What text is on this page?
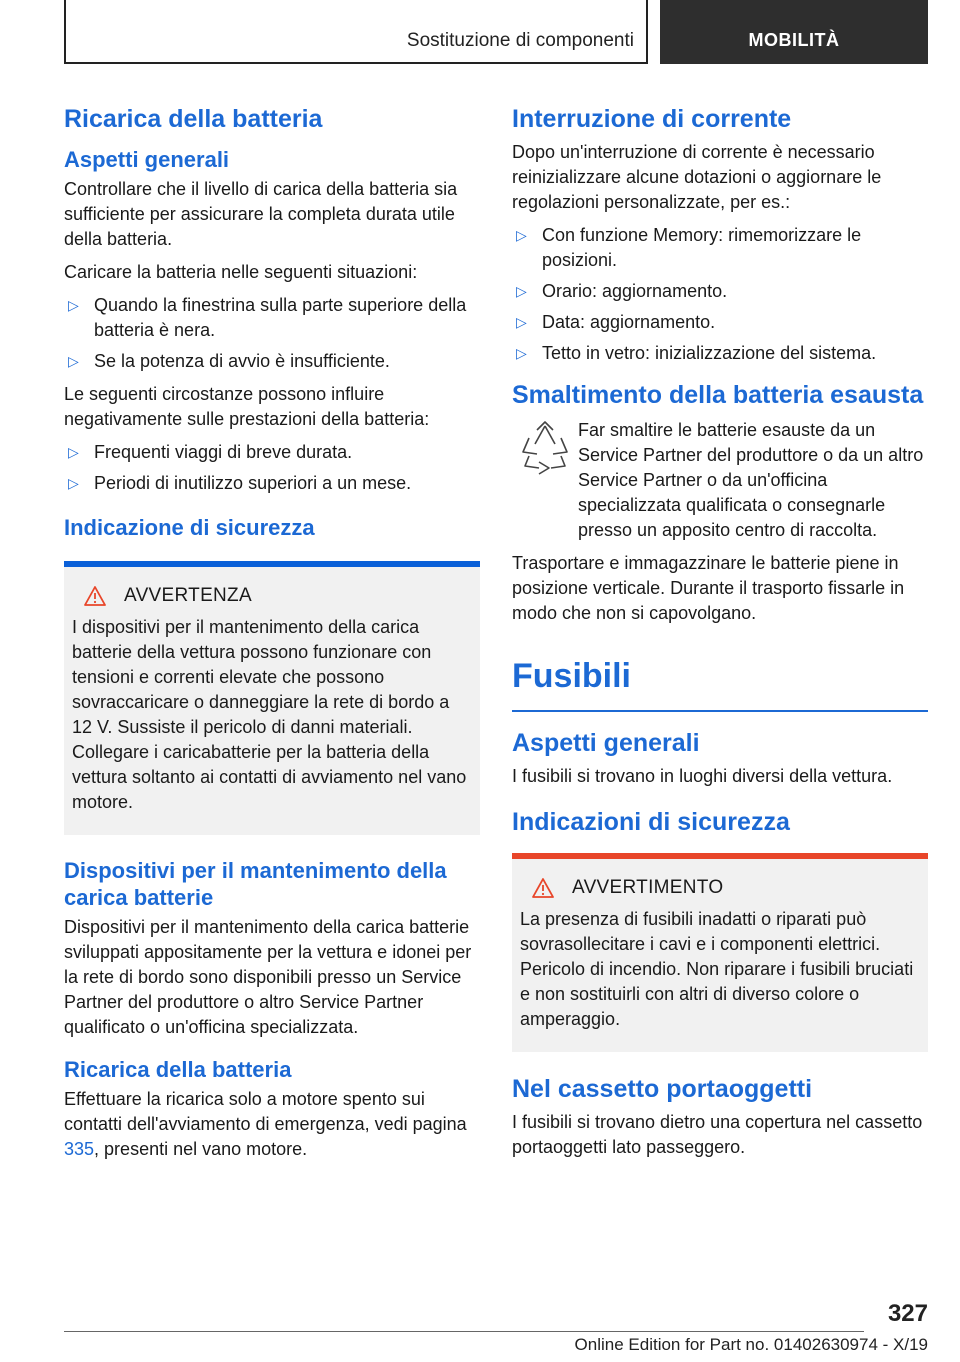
Sostituzione di componenti	MOBILITÀ
Ricarica della batteria
Aspetti generali

Controllare che il livello di carica della batteria sia sufficiente per assicurare la completa durata utile della batteria.

Caricare la batteria nelle seguenti situazioni:

▷ Quando la finestrina sulla parte superiore della batteria è nera.
▷ Se la potenza di avvio è insufficiente.

Le seguenti circostanze possono influire negativamente sulle prestazioni della batteria:

▷ Frequenti viaggi di breve durata.
▷ Periodi di inutilizzo superiori a un mese.
Indicazione di sicurezza
AVVERTENZA

I dispositivi per il mantenimento della carica batterie della vettura possono funzionare con tensioni e correnti elevate che possono sovraccaricare o danneggiare la rete di bordo a 12 V. Sussiste il pericolo di danni materiali. Collegare i caricabatterie per la batteria della vettura soltanto ai contatti di avviamento nel vano motore.

Dispositivi per il mantenimento della carica batterie

Dispositivi per il mantenimento della carica batterie sviluppati appositamente per la vettura e idonei per la rete di bordo sono disponibili presso un Service Partner del produttore o altro Service Partner qualificato o un'officina specializzata.

Ricarica della batteria

Effettuare la ricarica solo a motore spento sui contatti dell'avviamento di emergenza, vedi pagina 335, presenti nel vano motore.

Interruzione di corrente

Dopo un'interruzione di corrente è necessario reinizializzare alcune dotazioni o aggiornare le regolazioni personalizzate, per es.:

▷ Con funzione Memory: rimemorizzare le posizioni.
▷ Orario: aggiornamento.
▷ Data: aggiornamento.
▷ Tetto in vetro: inizializzazione del sistema.
Smaltimento della batteria esausta
Far smaltire le batterie esauste da un Service Partner del produttore o da un altro Service Partner o da un'officina specializzata qualificata o consegnarle presso un apposito centro di raccolta.

Trasportare e immagazzinare le batterie piene in posizione verticale. Durante il trasporto fissarle in modo che non si capovolgano.

Fusibili
Aspetti generali

I fusibili si trovano in luoghi diversi della vettura.

Indicazioni di sicurezza
AVVERTIMENTO

La presenza di fusibili inadatti o riparati può sovrasollecitare i cavi e i componenti elettrici. Pericolo di incendio. Non riparare i fusibili bruciati e non sostituirli con altri di diverso colore o amperaggio.

Nel cassetto portaoggetti

I fusibili si trovano dietro una copertura nel cassetto portaoggetti lato passeggero.

327
Online Edition for Part no. 01402630974 - X/19
